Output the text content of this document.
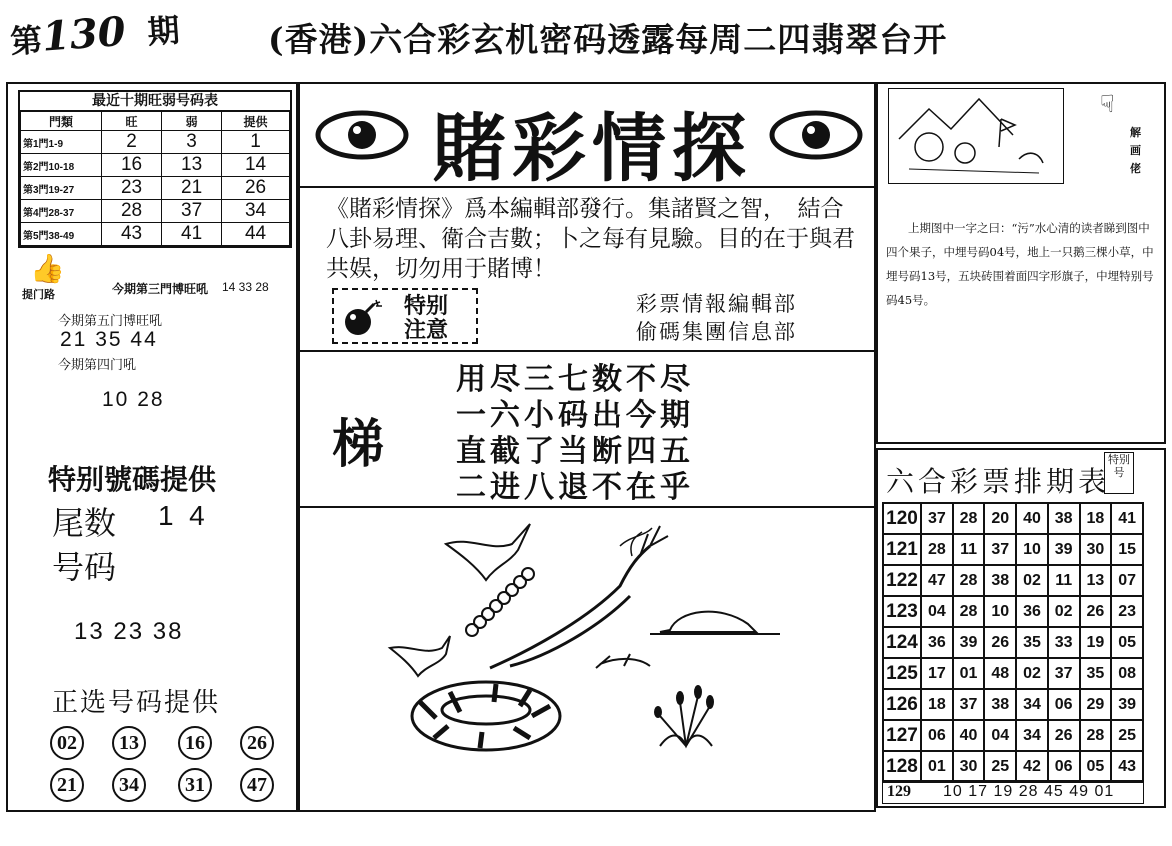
第130 期	(香港)六合彩玄机密码透露每周二四翡翠台开
最近十期旺弱号码表
門類	旺	弱	提供
第1門1-9	2	3	1
第2門10-18	16	13	14
第3門19-27	23	21	26
第4門28-37	28	37	34
第5門38-49	43	41	44
👍
提门路	今期第三門博旺吼 14 33 28
今期第五门博旺吼
21 35 44
今期第四门吼
10 28
特别號碼提供
尾数 1  4
号码
13 23 38
正选号码提供
02	13	16	26
21	34	31	47
賭彩情探
《賭彩情探》爲本編輯部發行。集諸賢之智，　結合八卦易理、衛合吉數；卜之每有見驗。目的在于與君共娱，切勿用于賭博！
特别
注意
彩票情報編輯部
偷碼集團信息部
梯
用尽三七数不尽
一六小码出今期
直截了当断四五
二进八退不在乎
☟
解画佬
上期图中一字之曰：“污”水心清的读者睇到图中四个果子，中埋号码04号，地上一只鹅三棵小草，中埋号码13号，五块砖围着面四字形旗子，中埋特别号码45号。
六合彩票排期表
特别号
120	37	28	20	40	38	18	41
121	28	11	37	10	39	30	15
122	47	28	38	02	11	13	07
123	04	28	10	36	02	26	23
124	36	39	26	35	33	19	05
125	17	01	48	02	37	35	08
126	18	37	38	34	06	29	39
127	06	40	04	34	26	28	25
128	01	30	25	42	06	05	43
129 10 17 19 28 45 49 01
